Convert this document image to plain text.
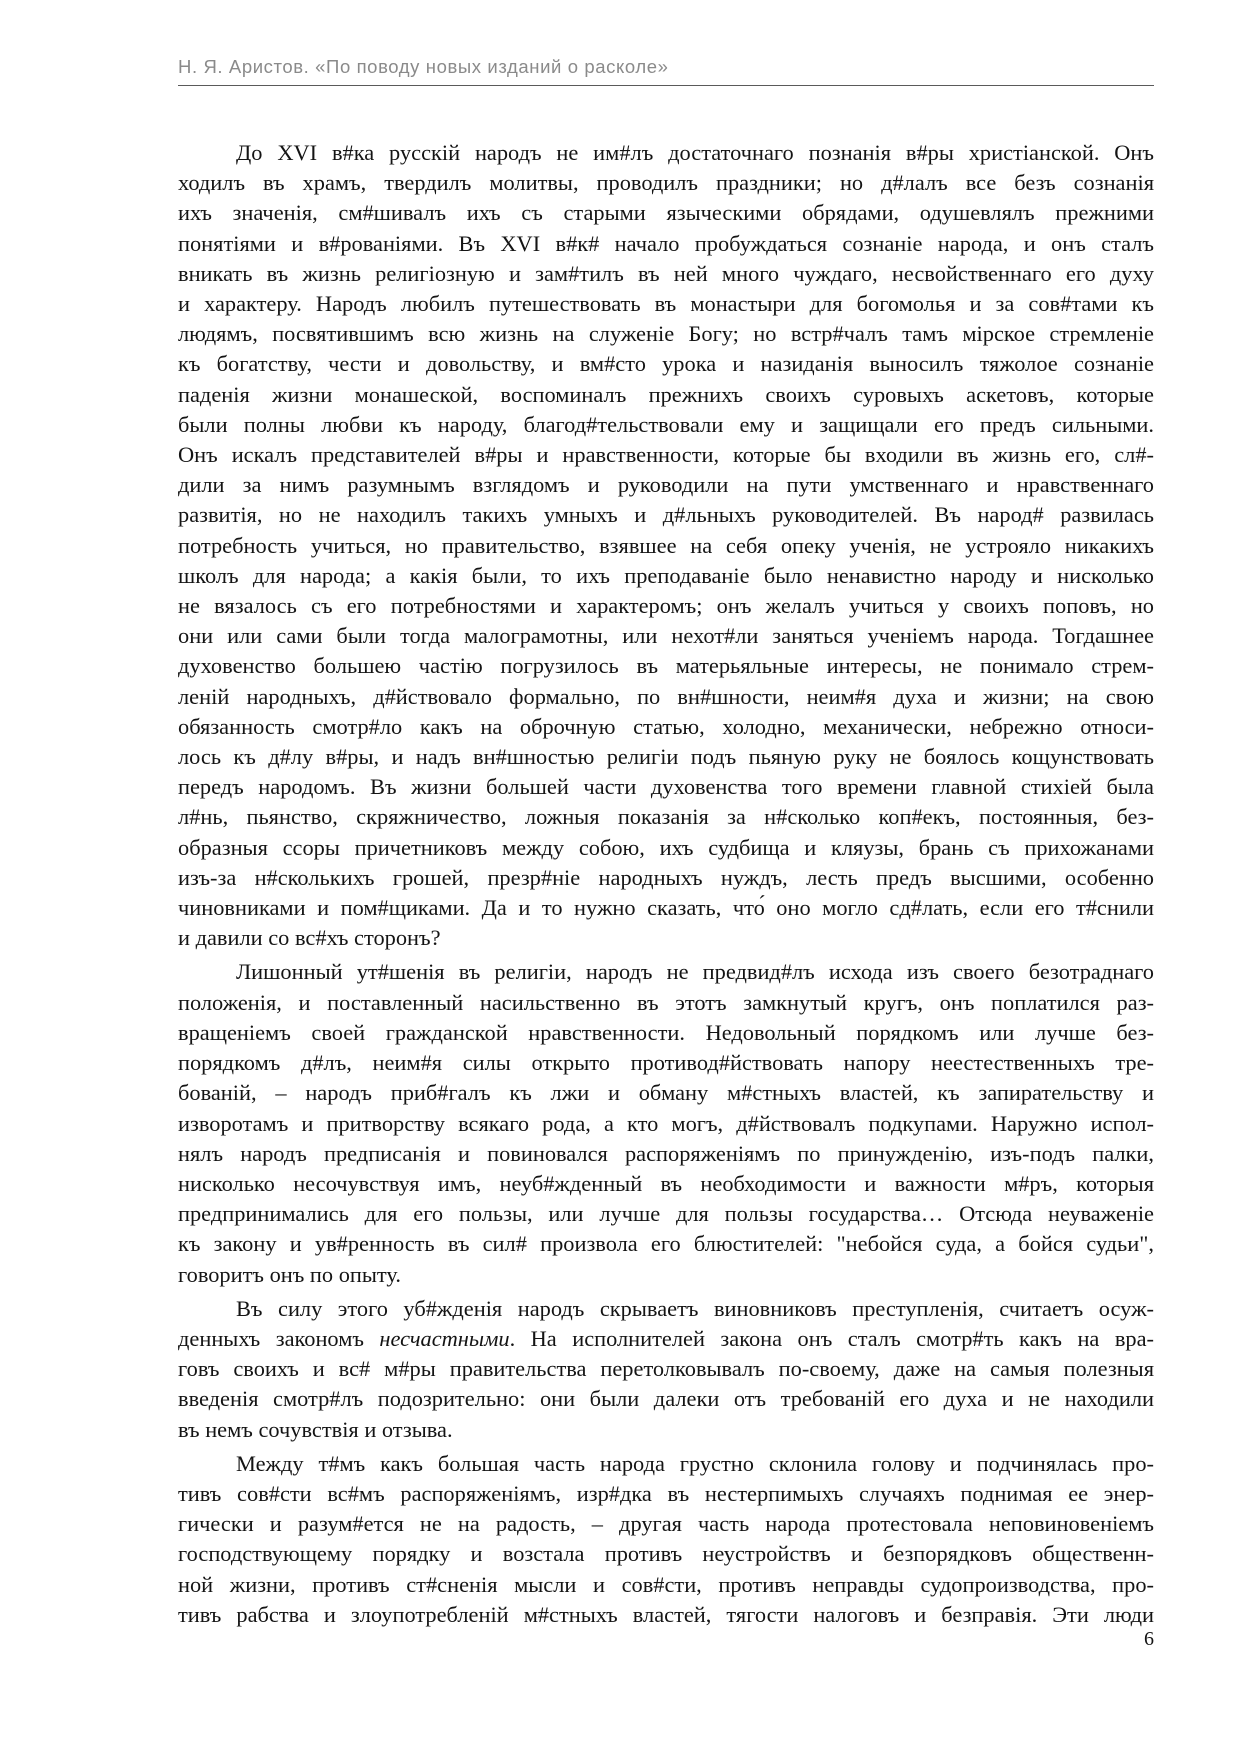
Н. Я. Аристов. «По поводу новых изданий о расколе»

До XVI в#ка русскій народъ не им#лъ достаточнаго познанія в#ры христіанской. Онъ
ходилъ въ храмъ, твердилъ молитвы, проводилъ праздники; но д#лалъ все безъ сознанія
ихъ значенія, см#шивалъ ихъ съ старыми языческими обрядами, одушевлялъ прежними
понятіями и в#рованіями. Въ XVI в#к# начало пробуждаться сознаніе народа, и онъ сталъ
вникать въ жизнь религіозную и зам#тилъ въ ней много чуждаго, несвойственнаго его духу
и характеру. Народъ любилъ путешествовать въ монастыри для богомолья и за сов#тами къ
людямъ, посвятившимъ всю жизнь на служеніе Богу; но встр#чалъ тамъ мірское стремленіе
къ богатству, чести и довольству, и вм#сто урока и назиданія выносилъ тяжолое сознаніе
паденія жизни монашеской, воспоминалъ прежнихъ своихъ суровыхъ аскетовъ, которые
были полны любви къ народу, благод#тельствовали ему и защищали его предъ сильными.
Онъ искалъ представителей в#ры и нравственности, которые бы входили въ жизнь его, сл#-
дили за нимъ разумнымъ взглядомъ и руководили на пути умственнаго и нравственнаго
развитія, но не находилъ такихъ умныхъ и д#льныхъ руководителей. Въ народ# развилась
потребность учиться, но правительство, взявшее на себя опеку ученія, не устрояло никакихъ
школъ для народа; а какія были, то ихъ преподаваніе было ненавистно народу и нисколько
не вязалось съ его потребностями и характеромъ; онъ желалъ учиться у своихъ поповъ, но
они или сами были тогда малограмотны, или нехот#ли заняться ученіемъ народа. Тогдашнее
духовенство большею частію погрузилось въ матерьяльные интересы, не понимало стрем-
леній народныхъ, д#йствовало формально, по вн#шности, неим#я духа и жизни; на свою
обязанность смотр#ло какъ на оброчную статью, холодно, механически, небрежно относи-
лось къ д#лу в#ры, и надъ вн#шностью религіи подъ пьяную руку не боялось кощунствовать
передъ народомъ. Въ жизни большей части духовенства того времени главной стихіей была
л#нь, пьянство, скряжничество, ложныя показанія за н#сколько коп#екъ, постоянныя, без-
образныя ссоры причетниковъ между собою, ихъ судбища и кляузы, брань съ прихожанами
изъ-за н#сколькихъ грошей, презр#ніе народныхъ нуждъ, лесть предъ высшими, особенно
чиновниками и пом#щиками. Да и то нужно сказать, что́ оно могло сд#лать, если его т#снили
и давили со вс#хъ сторонъ?

Лишонный ут#шенія въ религіи, народъ не предвид#лъ исхода изъ своего безотраднаго
положенія, и поставленный насильственно въ этотъ замкнутый кругъ, онъ поплатился раз-
вращеніемъ своей гражданской нравственности. Недовольный порядкомъ или лучше без-
порядкомъ д#лъ, неим#я силы открыто противод#йствовать напору неестественныхъ тре-
бованій, – народъ приб#галъ къ лжи и обману м#стныхъ властей, къ запирательству и
изворотамъ и притворству всякаго рода, а кто могъ, д#йствовалъ подкупами. Наружно испол-
нялъ народъ предписанія и повиновался распоряженіямъ по принужденію, изъ-подъ палки,
нисколько несочувствуя имъ, неуб#жденный въ необходимости и важности м#ръ, которыя
предпринимались для его пользы, или лучше для пользы государства… Отсюда неуваженіе
къ закону и ув#ренность въ сил# произвола его блюстителей: "небойся суда, а бойся судьи",
говоритъ онъ по опыту.

Въ силу этого уб#жденія народъ скрываетъ виновниковъ преступленія, считаетъ осуж-
денныхъ закономъ несчастными. На исполнителей закона онъ сталъ смотр#ть какъ на вра-
говъ своихъ и вс# м#ры правительства перетолковывалъ по-своему, даже на самыя полезныя
введенія смотр#лъ подозрительно: они были далеки отъ требованій его духа и не находили
въ немъ сочувствія и отзыва.

Между т#мъ какъ большая часть народа грустно склонила голову и подчинялась про-
тивъ сов#сти вс#мъ распоряженіямъ, изр#дка въ нестерпимыхъ случаяхъ поднимая ее энер-
гически и разум#ется не на радость, – другая часть народа протестовала неповиновеніемъ
господствующему порядку и возстала противъ неустройствъ и безпорядковъ общественн-
ной жизни, противъ ст#сненія мысли и сов#сти, противъ неправды судопроизводства, про-
тивъ рабства и злоупотребленій м#стныхъ властей, тягости налоговъ и безправія. Эти люди

6
